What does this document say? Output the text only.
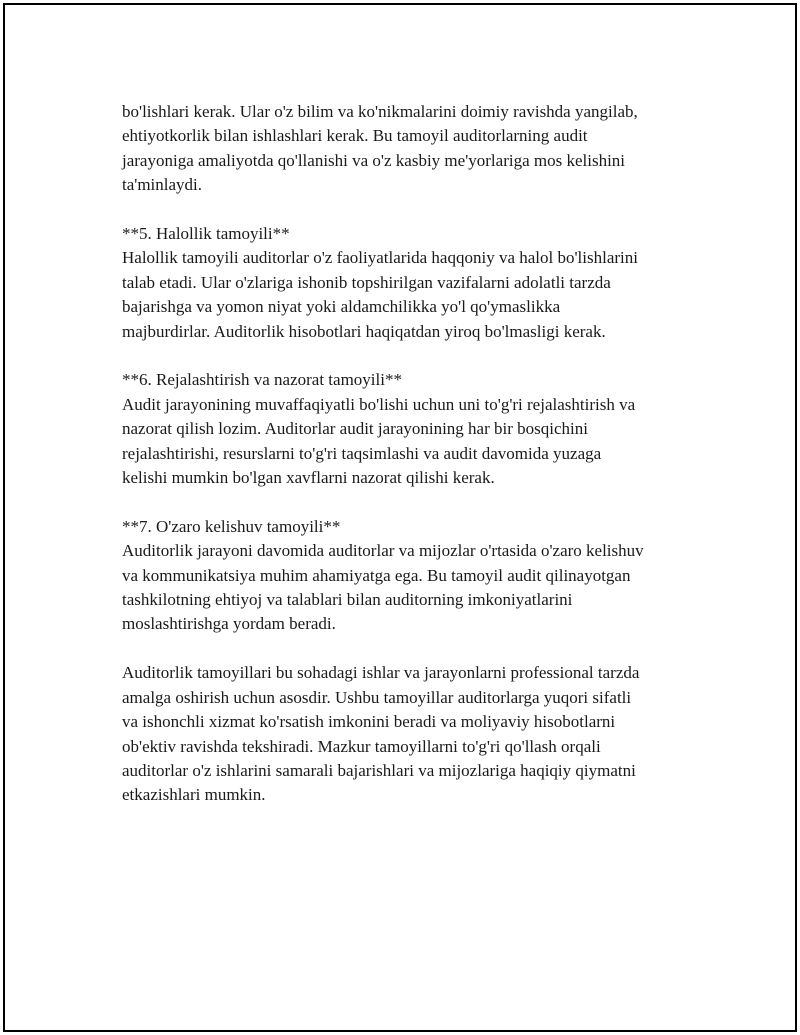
bo'lishlari kerak. Ular o'z bilim va ko'nikmalarini doimiy ravishda yangilab,
ehtiyotkorlik bilan ishlashlari kerak. Bu tamoyil auditorlarning audit
jarayoniga amaliyotda qo'llanishi va o'z kasbiy me'yorlariga mos kelishini
ta'minlaydi.

**5. Halollik tamoyili**
Halollik tamoyili auditorlar o'z faoliyatlarida haqqoniy va halol bo'lishlarini
talab etadi. Ular o'zlariga ishonib topshirilgan vazifalarni adolatli tarzda
bajarishga va yomon niyat yoki aldamchilikka yo'l qo'ymaslikka
majburdirlar. Auditorlik hisobotlari haqiqatdan yiroq bo'lmasligi kerak.

**6. Rejalashtirish va nazorat tamoyili**
Audit jarayonining muvaffaqiyatli bo'lishi uchun uni to'g'ri rejalashtirish va
nazorat qilish lozim. Auditorlar audit jarayonining har bir bosqichini
rejalashtirishi, resurslarni to'g'ri taqsimlashi va audit davomida yuzaga
kelishi mumkin bo'lgan xavflarni nazorat qilishi kerak.

**7. O'zaro kelishuv tamoyili**
Auditorlik jarayoni davomida auditorlar va mijozlar o'rtasida o'zaro kelishuv
va kommunikatsiya muhim ahamiyatga ega. Bu tamoyil audit qilinayotgan
tashkilotning ehtiyoj va talablari bilan auditorning imkoniyatlarini
moslashtirishga yordam beradi.

Auditorlik tamoyillari bu sohadagi ishlar va jarayonlarni professional tarzda
amalga oshirish uchun asosdir. Ushbu tamoyillar auditorlarga yuqori sifatli
va ishonchli xizmat ko'rsatish imkonini beradi va moliyaviy hisobotlarni
ob'ektiv ravishda tekshiradi. Mazkur tamoyillarni to'g'ri qo'llash orqali
auditorlar o'z ishlarini samarali bajarishlari va mijozlariga haqiqiy qiymatni
etkazishlari mumkin.
